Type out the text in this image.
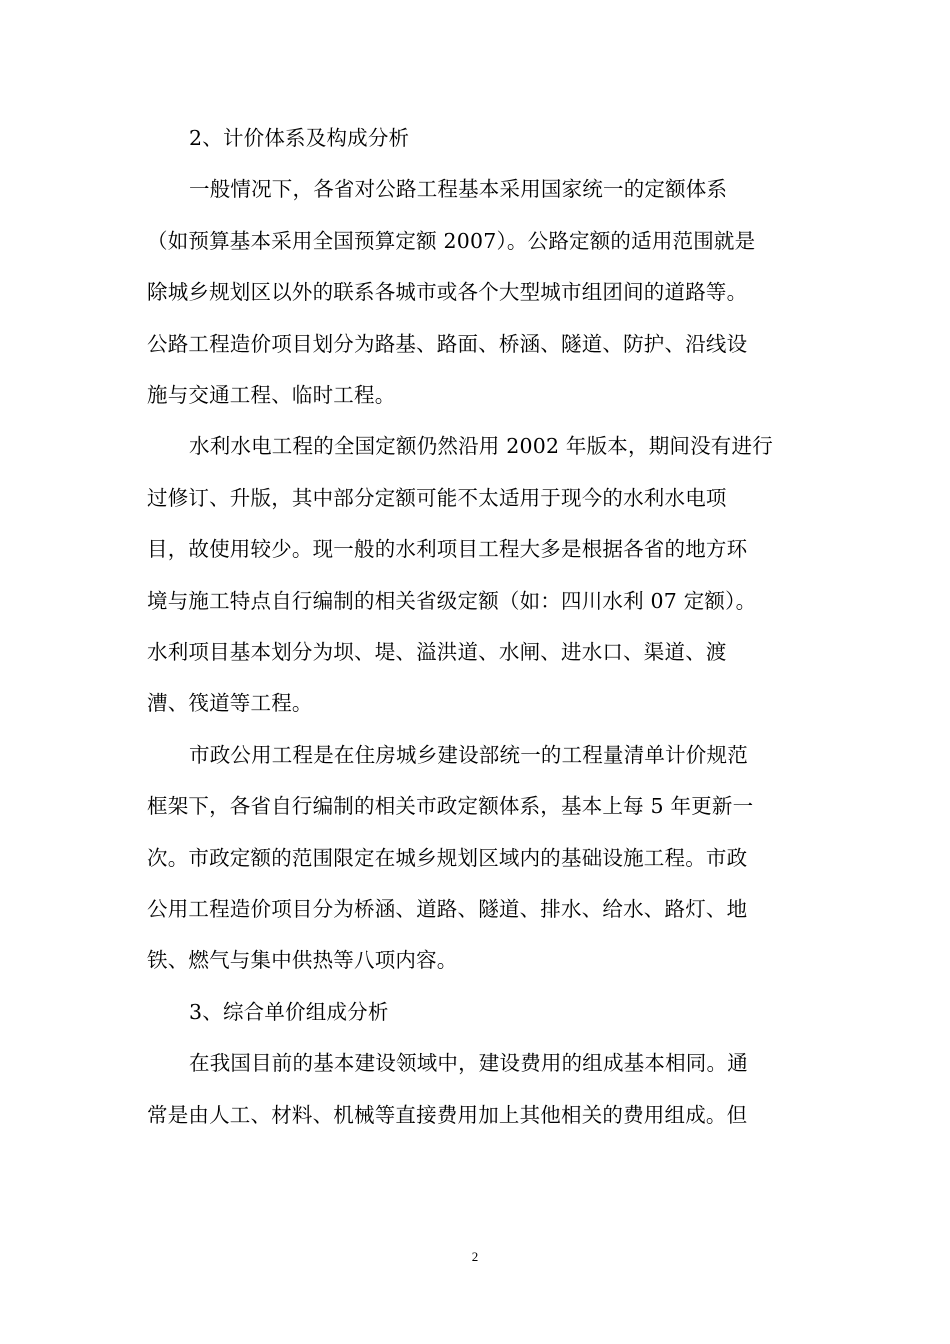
2、计价体系及构成分析
一般情况下，各省对公路工程基本采用国家统一的定额体系
（如预算基本采用全国预算定额 2007）。公路定额的适用范围就是
除城乡规划区以外的联系各城市或各个大型城市组团间的道路等。
公路工程造价项目划分为路基、路面、桥涵、隧道、防护、沿线设
施与交通工程、临时工程。
水利水电工程的全国定额仍然沿用 2002 年版本，期间没有进行
过修订、升版，其中部分定额可能不太适用于现今的水利水电项
目，故使用较少。现一般的水利项目工程大多是根据各省的地方环
境与施工特点自行编制的相关省级定额（如：四川水利 07 定额）。
水利项目基本划分为坝、堤、溢洪道、水闸、进水口、渠道、渡
漕、筏道等工程。
市政公用工程是在住房城乡建设部统一的工程量清单计价规范
框架下，各省自行编制的相关市政定额体系，基本上每 5 年更新一
次。市政定额的范围限定在城乡规划区域内的基础设施工程。市政
公用工程造价项目分为桥涵、道路、隧道、排水、给水、路灯、地
铁、燃气与集中供热等八项内容。
3、综合单价组成分析
在我国目前的基本建设领域中，建设费用的组成基本相同。通
常是由人工、材料、机械等直接费用加上其他相关的费用组成。但
2
